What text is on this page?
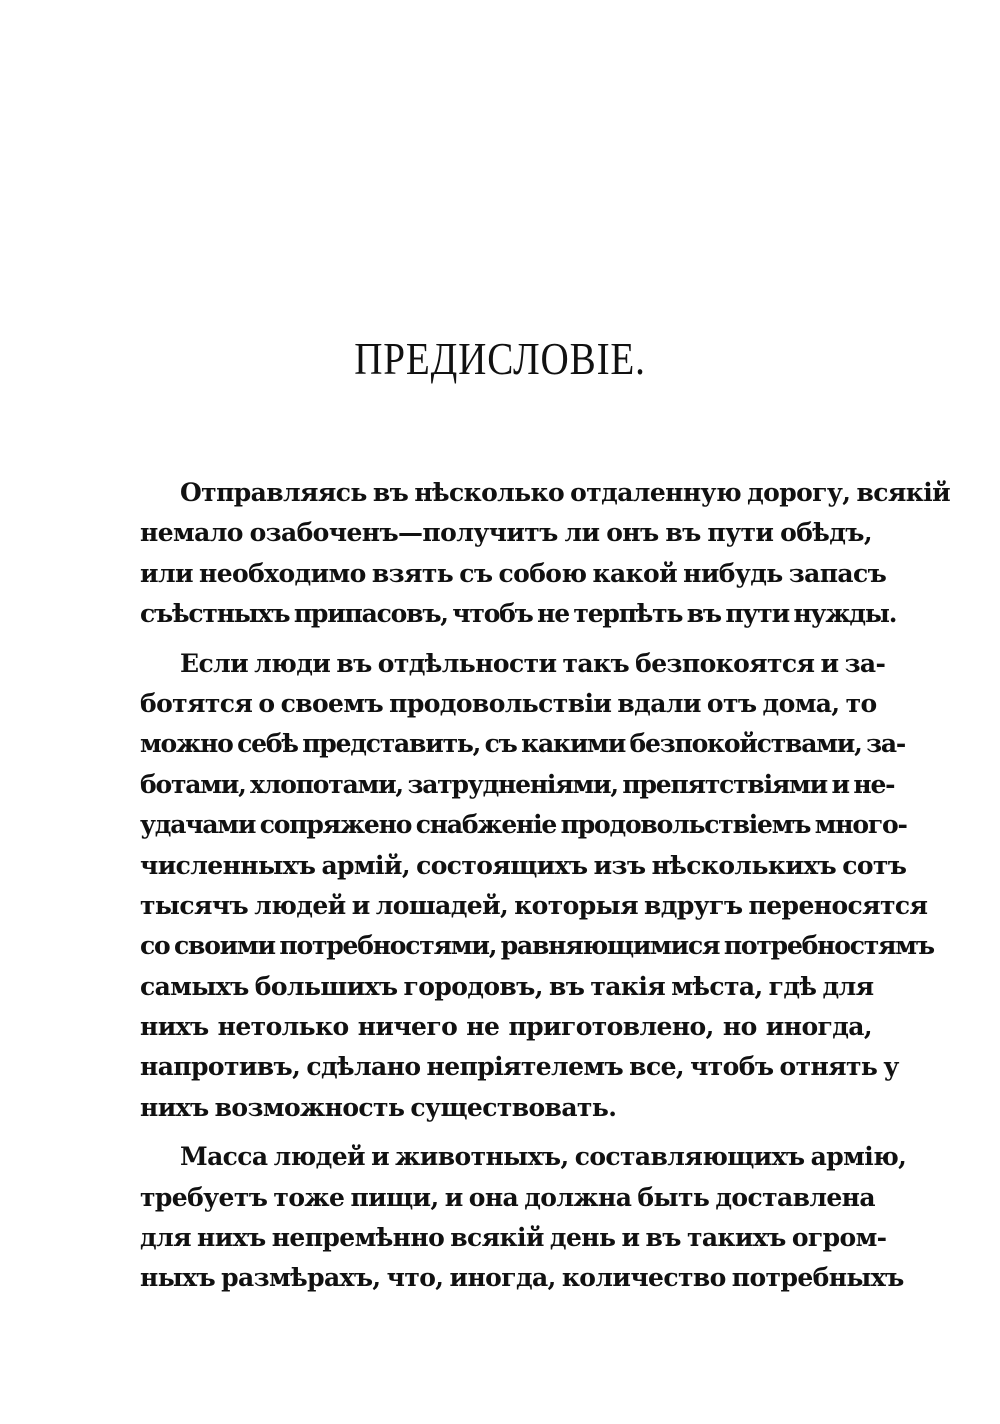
ПРЕДИСЛОВІЕ.
Отправляясь въ нѣсколько отдаленную дорогу, всякій
немало озабоченъ—получитъ ли онъ въ пути обѣдъ,
или необходимо взять съ собою какой нибудь запасъ
съѣстныхъ припасовъ, чтобъ не терпѣть въ пути нужды.
Если люди въ отдѣльности такъ безпокоятся и за-
ботятся о своемъ продовольствіи вдали отъ дома, то
можно себѣ представить, съ какими безпокойствами, за-
ботами, хлопотами, затрудненіями, препятствіями и не-
удачами сопряжено снабженіе продовольствіемъ много-
численныхъ армій, состоящихъ изъ нѣсколькихъ сотъ
тысячъ людей и лошадей, которыя вдругъ переносятся
со своими потребностями, равняющимися потребностямъ
самыхъ большихъ городовъ, въ такія мѣста, гдѣ для
нихъ нетолько ничего не приготовлено, но иногда,
напротивъ, сдѣлано непріятелемъ все, чтобъ отнять у
нихъ возможность существовать.
Масса людей и животныхъ, составляющихъ армію,
требуетъ тоже пищи, и она должна быть доставлена
для нихъ непремѣнно всякій день и въ такихъ огром-
ныхъ размѣрахъ, что, иногда, количество потребныхъ
